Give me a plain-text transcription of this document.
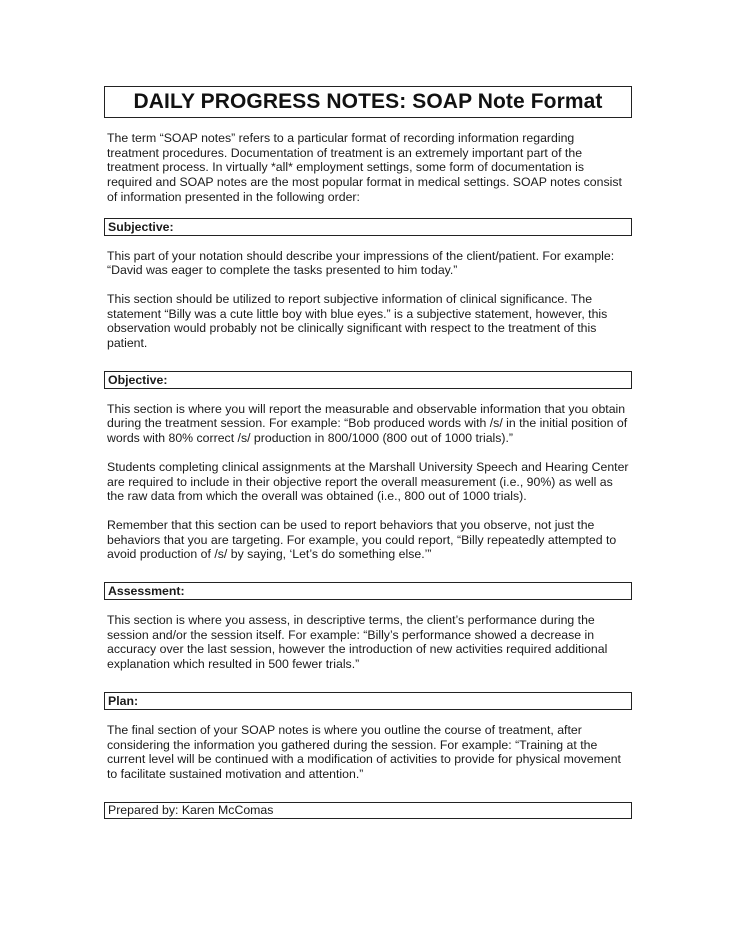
DAILY PROGRESS NOTES: SOAP Note Format

The term “SOAP notes” refers to a particular format of recording information regarding treatment procedures. Documentation of treatment is an extremely important part of the treatment process. In virtually *all* employment settings, some form of documentation is required and SOAP notes are the most popular format in medical settings. SOAP notes consist of information presented in the following order:

Subjective:

This part of your notation should describe your impressions of the client/patient. For example: “David was eager to complete the tasks presented to him today.”

This section should be utilized to report subjective information of clinical significance. The statement “Billy was a cute little boy with blue eyes.” is a subjective statement, however, this observation would probably not be clinically significant with respect to the treatment of this patient.

Objective:

This section is where you will report the measurable and observable information that you obtain during the treatment session. For example: “Bob produced words with /s/ in the initial position of words with 80% correct /s/ production in 800/1000 (800 out of 1000 trials).”

Students completing clinical assignments at the Marshall University Speech and Hearing Center are required to include in their objective report the overall measurement (i.e., 90%) as well as the raw data from which the overall was obtained (i.e., 800 out of 1000 trials).

Remember that this section can be used to report behaviors that you observe, not just the behaviors that you are targeting. For example, you could report, “Billy repeatedly attempted to avoid production of /s/ by saying, ‘Let’s do something else.’”

Assessment:

This section is where you assess, in descriptive terms, the client’s performance during the session and/or the session itself. For example: “Billy’s performance showed a decrease in accuracy over the last session, however the introduction of new activities required additional explanation which resulted in 500 fewer trials.”

Plan:

The final section of your SOAP notes is where you outline the course of treatment, after considering the information you gathered during the session. For example: “Training at the current level will be continued with a modification of activities to provide for physical movement to facilitate sustained motivation and attention.”

Prepared by: Karen McComas
